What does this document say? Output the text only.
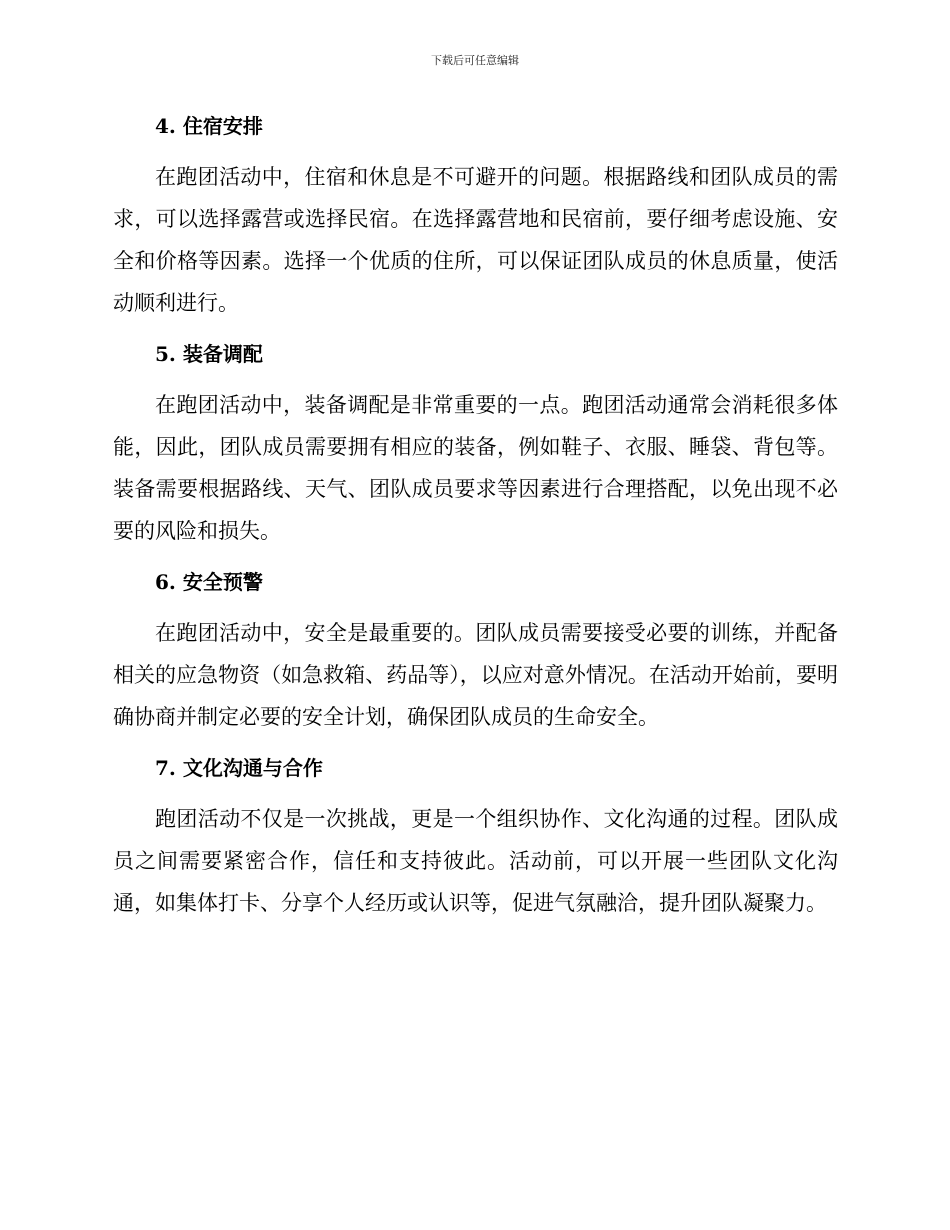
下载后可任意编辑
4. 住宿安排

在跑团活动中，住宿和休息是不可避开的问题。根据路线和团队成员的需求，可以选择露营或选择民宿。在选择露营地和民宿前，要仔细考虑设施、安全和价格等因素。选择一个优质的住所，可以保证团队成员的休息质量，使活动顺利进行。

5. 装备调配

在跑团活动中，装备调配是非常重要的一点。跑团活动通常会消耗很多体能，因此，团队成员需要拥有相应的装备，例如鞋子、衣服、睡袋、背包等。装备需要根据路线、天气、团队成员要求等因素进行合理搭配，以免出现不必要的风险和损失。

6. 安全预警

在跑团活动中，安全是最重要的。团队成员需要接受必要的训练，并配备相关的应急物资（如急救箱、药品等），以应对意外情况。在活动开始前，要明确协商并制定必要的安全计划，确保团队成员的生命安全。

7. 文化沟通与合作

跑团活动不仅是一次挑战，更是一个组织协作、文化沟通的过程。团队成员之间需要紧密合作，信任和支持彼此。活动前，可以开展一些团队文化沟通，如集体打卡、分享个人经历或认识等，促进气氛融洽，提升团队凝聚力。
